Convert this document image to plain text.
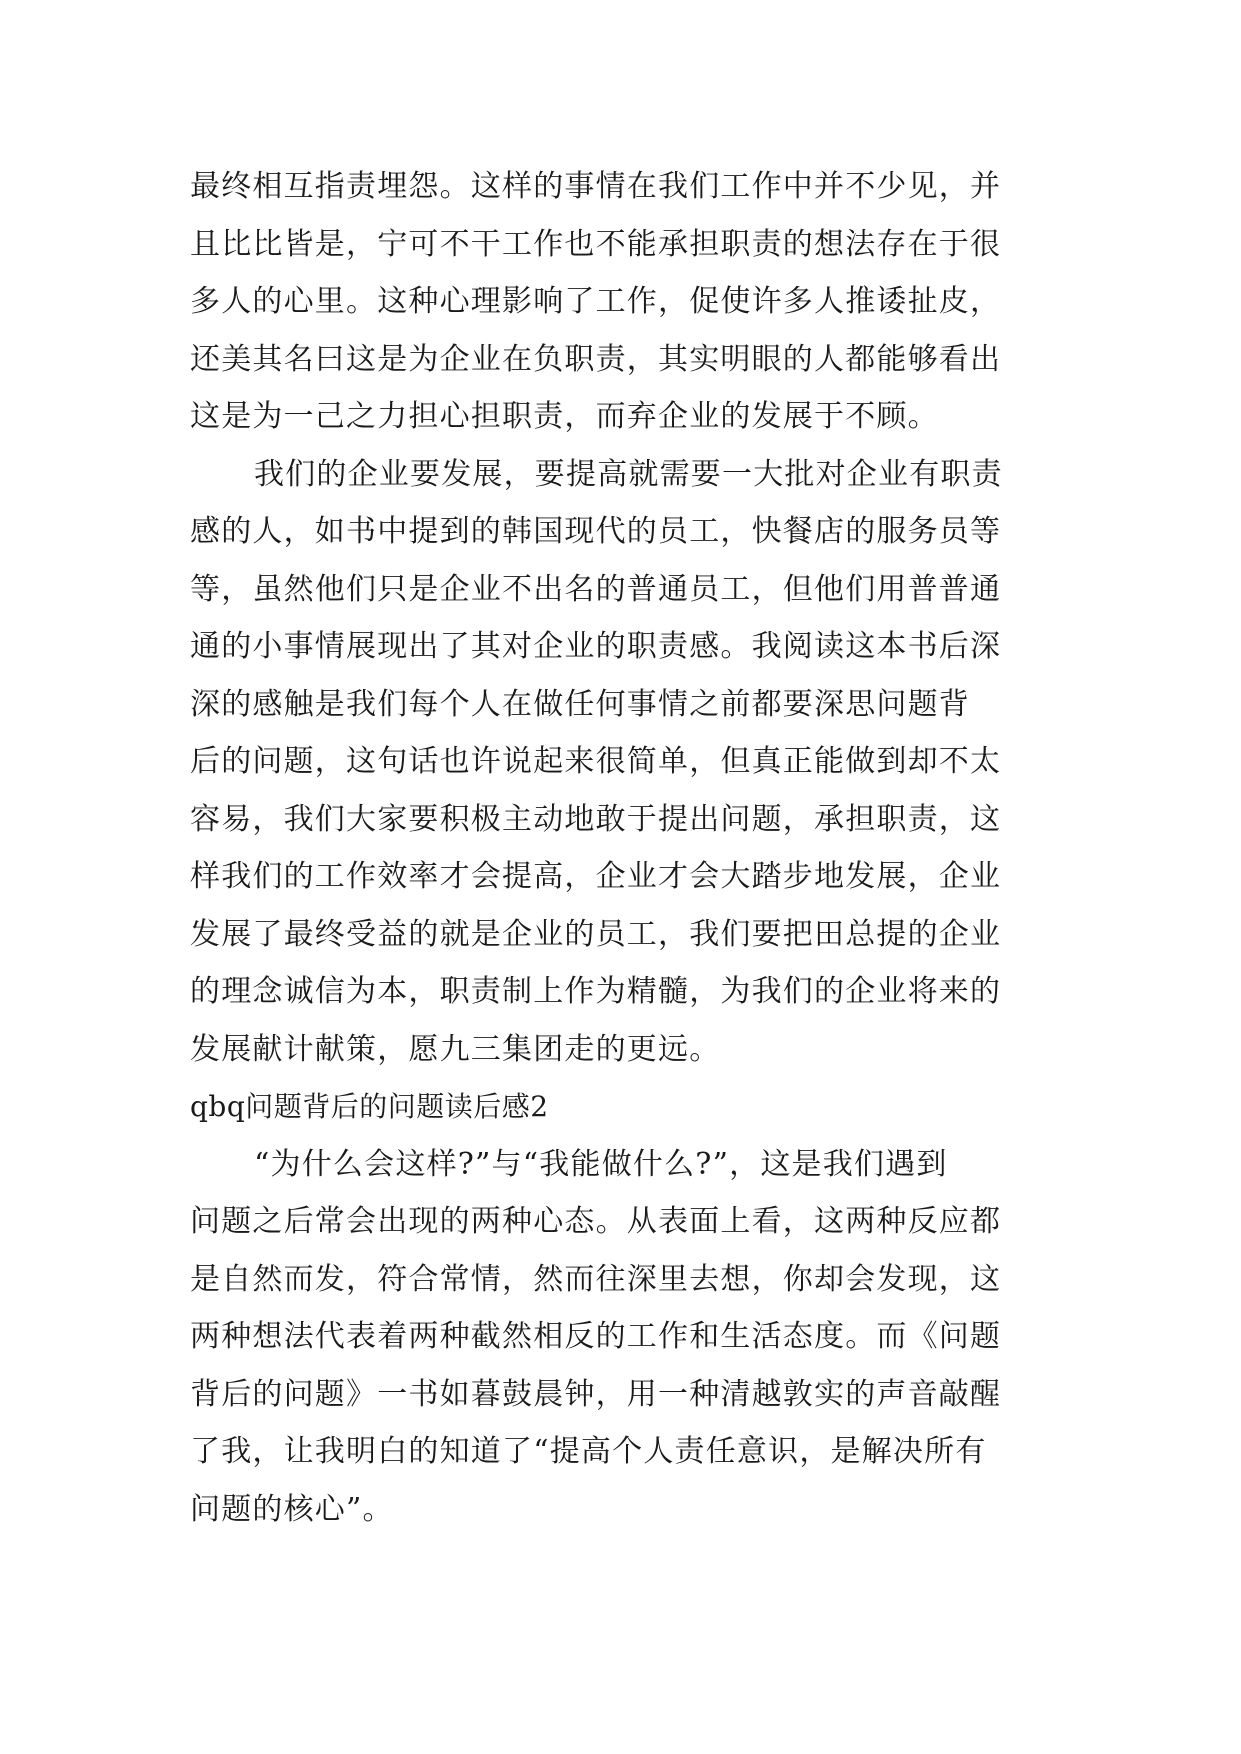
最终相互指责埋怨。这样的事情在我们工作中并不少见，并
且比比皆是，宁可不干工作也不能承担职责的想法存在于很
多人的心里。这种心理影响了工作，促使许多人推诿扯皮，
还美其名曰这是为企业在负职责，其实明眼的人都能够看出
这是为一己之力担心担职责，而弃企业的发展于不顾。
我们的企业要发展，要提高就需要一大批对企业有职责
感的人，如书中提到的韩国现代的员工，快餐店的服务员等
等，虽然他们只是企业不出名的普通员工，但他们用普普通
通的小事情展现出了其对企业的职责感。我阅读这本书后深
深的感触是我们每个人在做任何事情之前都要深思问题背
后的问题，这句话也许说起来很简单，但真正能做到却不太
容易，我们大家要积极主动地敢于提出问题，承担职责，这
样我们的工作效率才会提高，企业才会大踏步地发展，企业
发展了最终受益的就是企业的员工，我们要把田总提的企业
的理念诚信为本，职责制上作为精髓，为我们的企业将来的
发展献计献策，愿九三集团走的更远。
qbq问题背后的问题读后感2
“为什么会这样?”与“我能做什么?”，这是我们遇到
问题之后常会出现的两种心态。从表面上看，这两种反应都
是自然而发，符合常情，然而往深里去想，你却会发现，这
两种想法代表着两种截然相反的工作和生活态度。而《问题
背后的问题》一书如暮鼓晨钟，用一种清越敦实的声音敲醒
了我，让我明白的知道了“提高个人责任意识，是解决所有
问题的核心”。
